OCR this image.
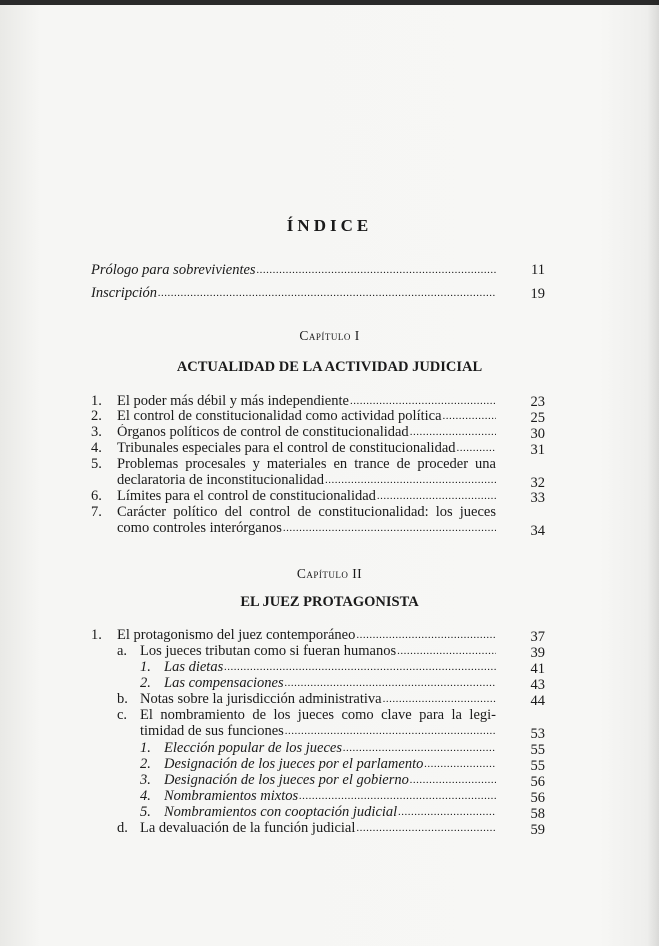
ÍNDICE
Prólogo para sobrevivientes .....	11
Inscripción .....	19
Capítulo I
ACTUALIDAD DE LA ACTIVIDAD JUDICIAL
1. El poder más débil y más independiente .....	23
2. El control de constitucionalidad como actividad política .....	25
3. Órganos políticos de control de constitucionalidad .....	30
4. Tribunales especiales para el control de constitucionalidad .....	31
5. Problemas procesales y materiales en trance de proceder una
declaratoria de inconstitucionalidad .....	32
6. Límites para el control de constitucionalidad .....	33
7. Carácter político del control de constitucionalidad: los jueces
como controles interórganos .....	34
Capítulo II
EL JUEZ PROTAGONISTA
1. El protagonismo del juez contemporáneo .....	37
a. Los jueces tributan como si fueran humanos .....	39
1. Las dietas .....	41
2. Las compensaciones .....	43
b. Notas sobre la jurisdicción administrativa .....	44
c. El nombramiento de los jueces como clave para la legi-
timidad de sus funciones .....	53
1. Elección popular de los jueces .....	55
2. Designación de los jueces por el parlamento .....	55
3. Designación de los jueces por el gobierno .....	56
4. Nombramientos mixtos .....	56
5. Nombramientos con cooptación judicial .....	58
d. La devaluación de la función judicial .....	59
